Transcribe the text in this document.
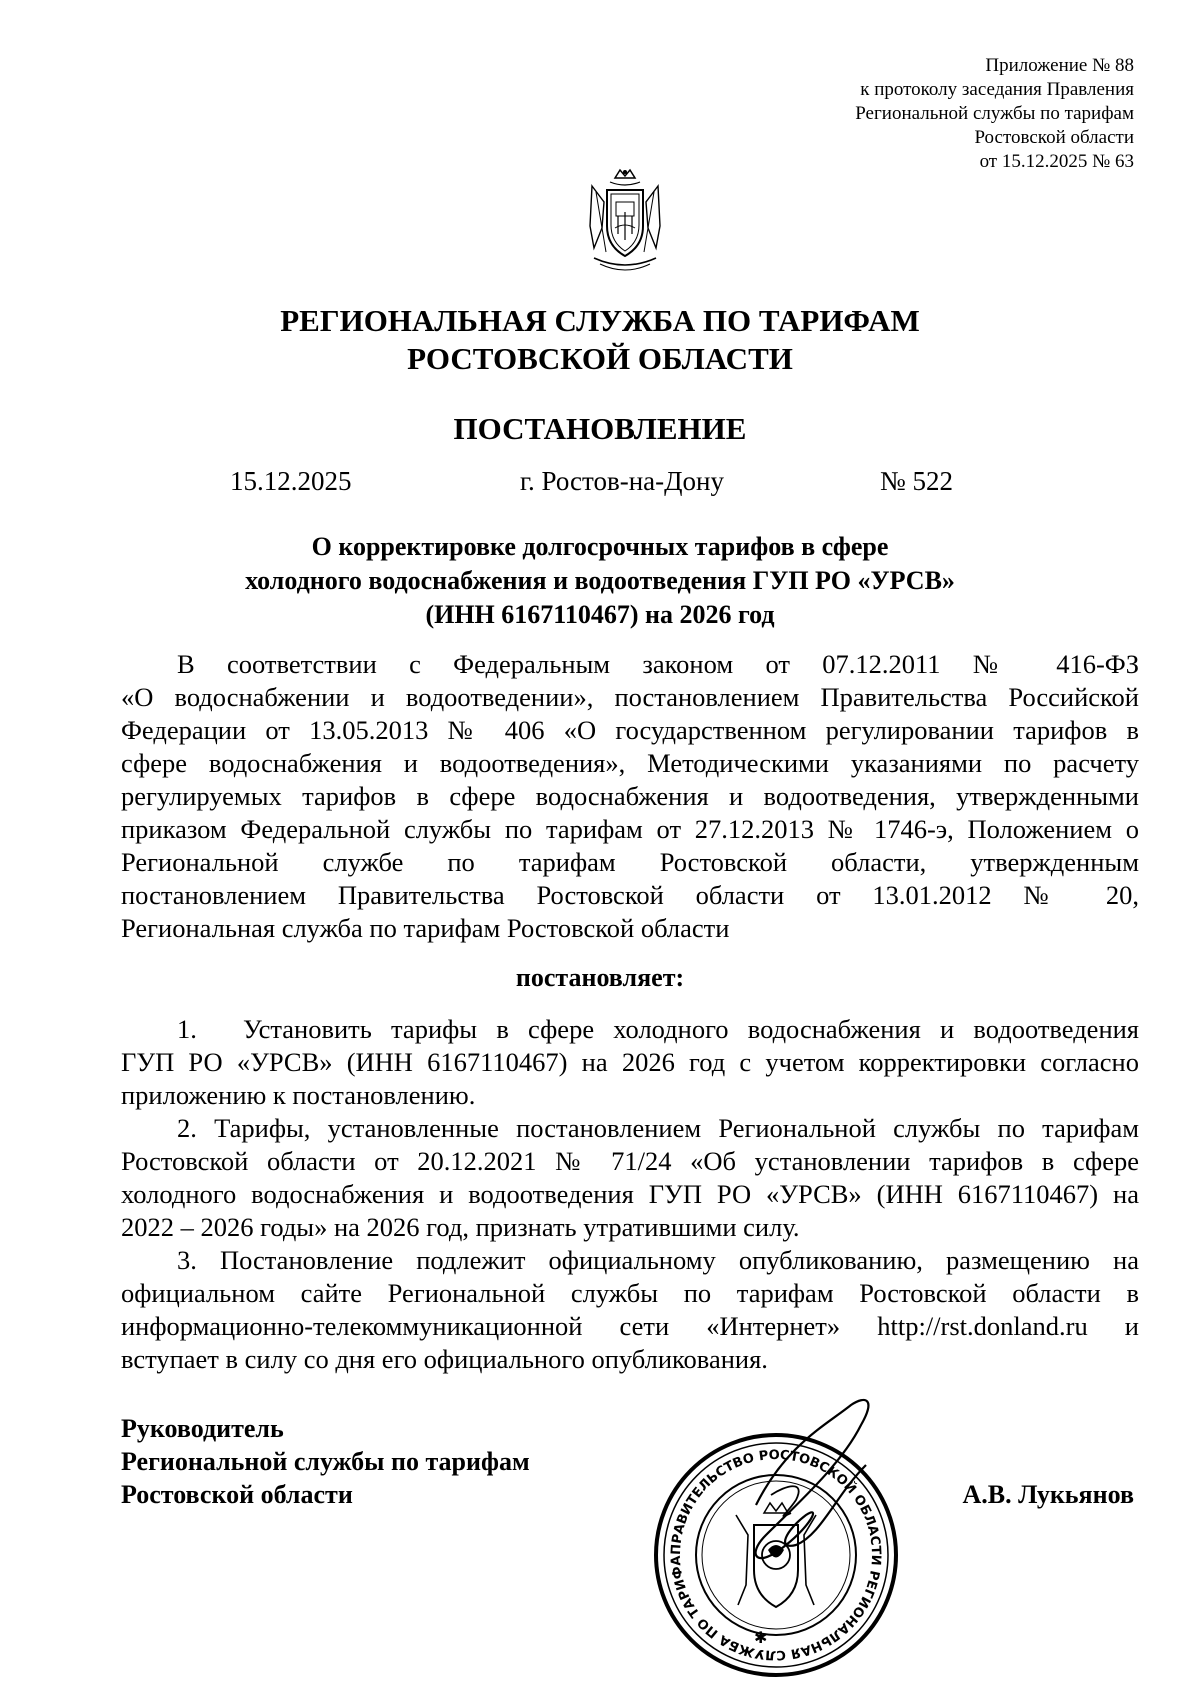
Приложение № 88
к протоколу заседания Правления
Региональной службы по тарифам
Ростовской области
от 15.12.2025 № 63
РЕГИОНАЛЬНАЯ СЛУЖБА ПО ТАРИФАМ
РОСТОВСКОЙ ОБЛАСТИ
ПОСТАНОВЛЕНИЕ
15.12.2025	г. Ростов-на-Дону	№ 522
О корректировке долгосрочных тарифов в сфере
холодного водоснабжения и водоотведения ГУП РО «УРСВ»
(ИНН 6167110467) на 2026 год
В соответствии с Федеральным законом от 07.12.2011 № 416-ФЗ
«О водоснабжении и водоотведении», постановлением Правительства Российской
Федерации от 13.05.2013 № 406 «О государственном регулировании тарифов в
сфере водоснабжения и водоотведения», Методическими указаниями по расчету
регулируемых тарифов в сфере водоснабжения и водоотведения, утвержденными
приказом Федеральной службы по тарифам от 27.12.2013 № 1746-э, Положением о
Региональной службе по тарифам Ростовской области, утвержденным
постановлением Правительства Ростовской области от 13.01.2012 № 20,
Региональная служба по тарифам Ростовской области
постановляет:
1. Установить тарифы в сфере холодного водоснабжения и водоотведения
ГУП РО «УРСВ» (ИНН 6167110467) на 2026 год с учетом корректировки согласно
приложению к постановлению.
2. Тарифы, установленные постановлением Региональной службы по тарифам
Ростовской области от 20.12.2021 № 71/24 «Об установлении тарифов в сфере
холодного водоснабжения и водоотведения ГУП РО «УРСВ» (ИНН 6167110467) на
2022 – 2026 годы» на 2026 год, признать утратившими силу.
3. Постановление подлежит официальному опубликованию, размещению на
официальном сайте Региональной службы по тарифам Ростовской области в
информационно-телекоммуникационной сети «Интернет» http://rst.donland.ru и
вступает в силу со дня его официального опубликования.
Руководитель
Региональной службы по тарифам
Ростовской области
ПРАВИТЕЛЬСТВО РОСТОВСКОЙ ОБЛАСТИ РЕГИОНАЛЬНАЯ СЛУЖБА ПО ТАРИФА
✱
А.В. Лукьянов
